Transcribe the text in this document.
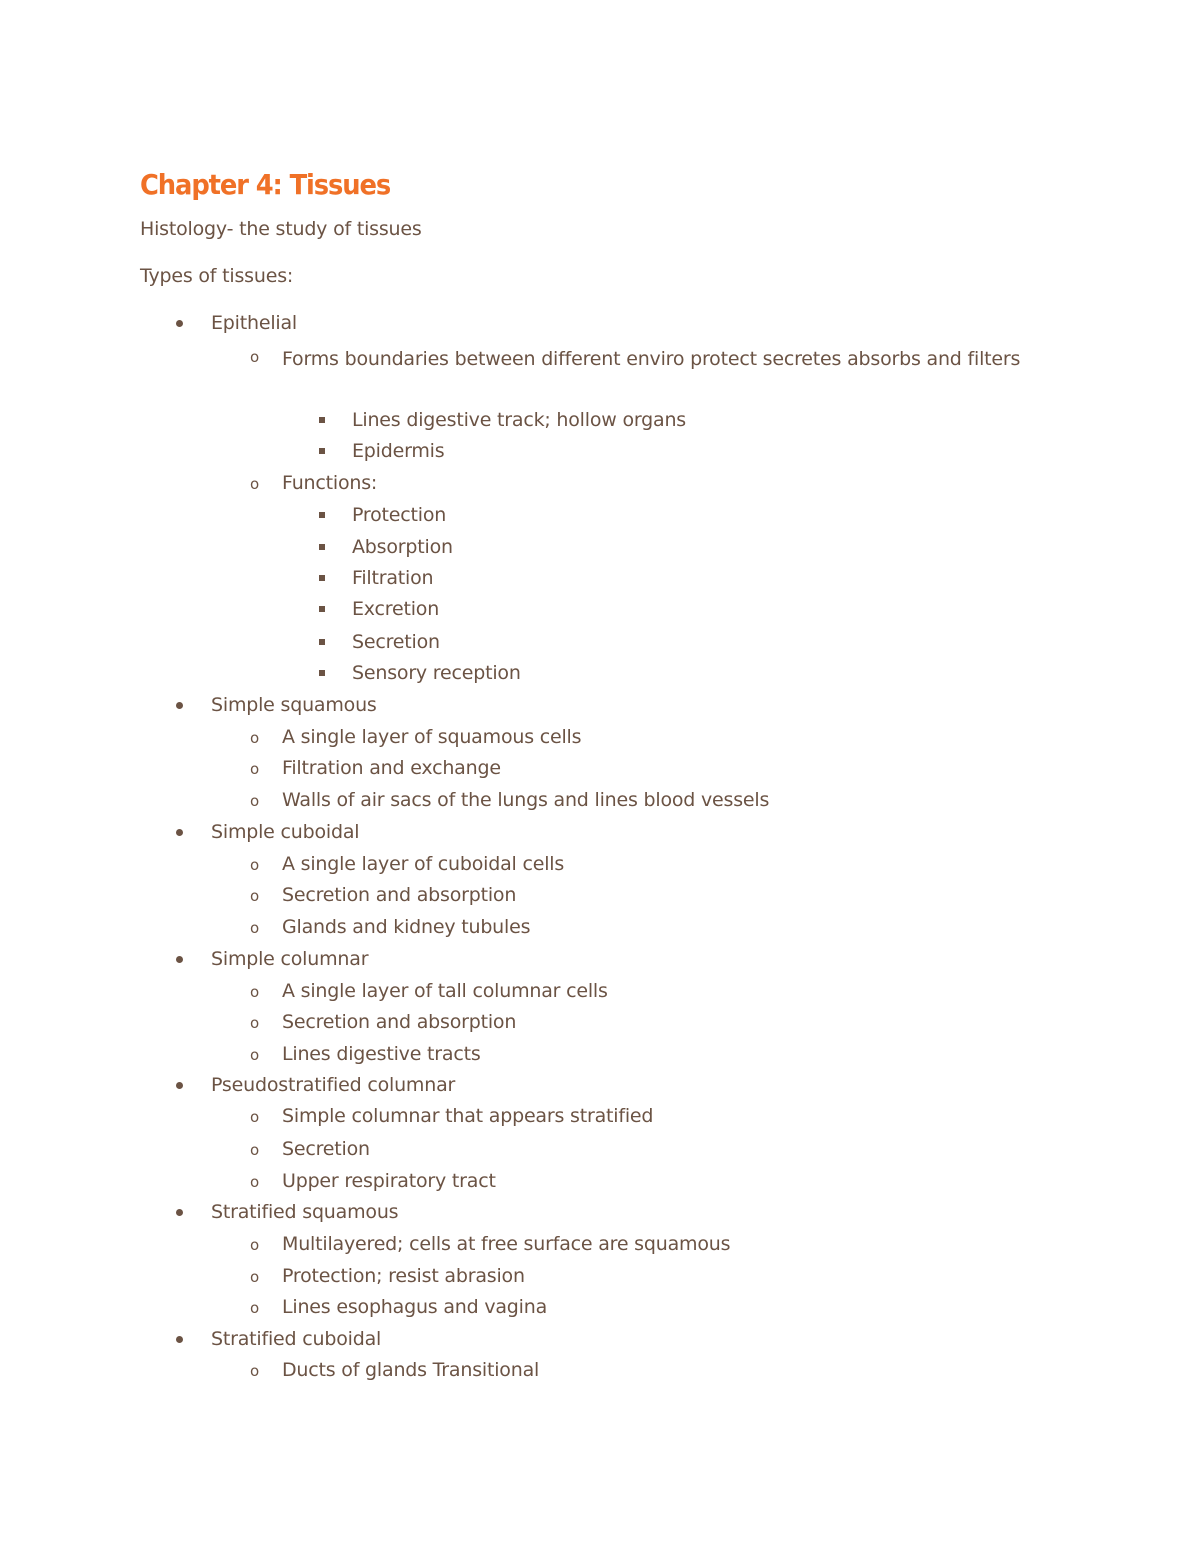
Chapter 4: Tissues

Histology- the study of tissues

Types of tissues:

Epithelial

Forms boundaries between different enviro protect secretes absorbs and filters

o

Lines digestive track; hollow organs

Epidermis

Functions:

o

Protection

Absorption

Filtration

Excretion

Secretion

Sensory reception

Simple squamous

A single layer of squamous cells

o

Filtration and exchange

o

Walls of air sacs of the lungs and lines blood vessels

o

Simple cuboidal

A single layer of cuboidal cells

o

Secretion and absorption

o

Glands and kidney tubules

o

Simple columnar

A single layer of tall columnar cells

o

Secretion and absorption

o

Lines digestive tracts

o

Pseudostratified columnar

Simple columnar that appears stratified

o

Secretion

o

Upper respiratory tract

o

Stratified squamous

Multilayered; cells at free surface are squamous

o

Protection; resist abrasion

o

Lines esophagus and vagina

o

Stratified cuboidal

Ducts of glands Transitional

o
